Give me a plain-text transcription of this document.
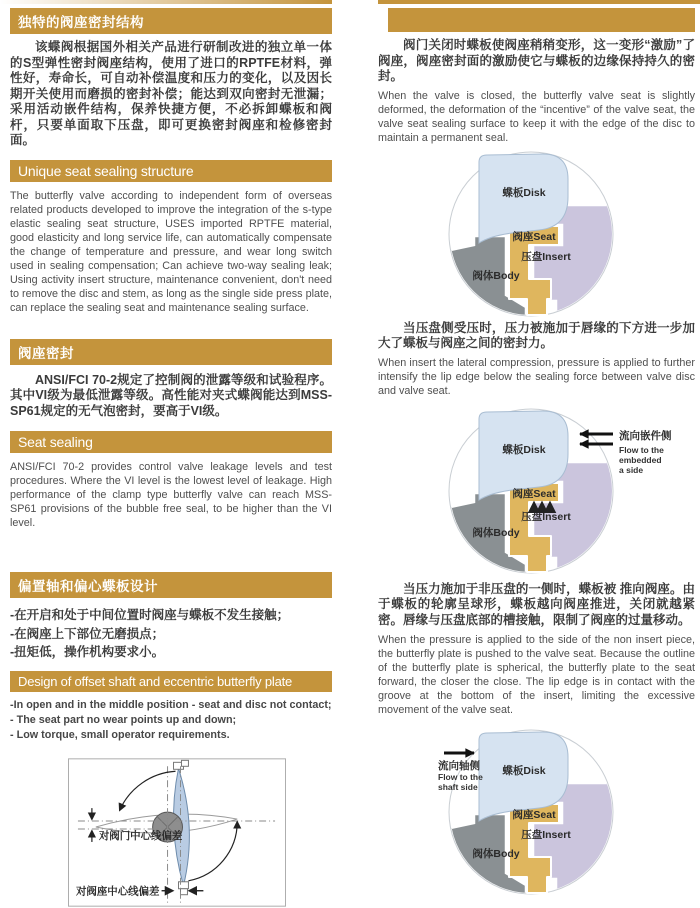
独特的阀座密封结构

该蝶阀根据国外相关产品进行研制改进的独立单一体的S型弹性密封阀座结构，使用了进口的RPTFE材料，弹性好，寿命长，可自动补偿温度和压力的变化，以及因长期开关使用而磨损的密封补偿；能达到双向密封无泄漏；采用活动嵌件结构，保养快捷方便，不必拆卸蝶板和阀杆，只要单面取下压盘，即可更换密封阀座和检修密封面。

Unique seat sealing structure

The butterfly valve according to independent form of overseas related products developed to improve the integration of the s-type elastic sealing seat structure, USES imported RPTFE material, good elasticity and long service life, can automatically compensate the change of temperature and pressure, and wear long switch used in sealing compensation; Can achieve two-way sealing leak; Using activity insert structure, maintenance convenient, don't need to remove the disc and stem, as long as the single side press plate, can replace the sealing seat and maintenance sealing surface.

阀座密封

ANSI/FCI 70-2规定了控制阀的泄露等级和试验程序。其中VI级为最低泄露等级。高性能对夹式蝶阀能达到MSS-SP61规定的无气泡密封，要高于VI级。

Seat sealing

ANSI/FCI 70-2 provides control valve leakage levels and test procedures. Where the VI level is the lowest level of leakage. High performance of the clamp type butterfly valve can reach MSS-SP61 provisions of the bubble free seal, to be higher than the VI level.

偏置轴和偏心蝶板设计
-在开启和处于中间位置时阀座与蝶板不发生接触；
-在阀座上下部位无磨损点；
-扭矩低，操作机构要求小。
Design of offset shaft and eccentric butterfly plate
-In open and in the middle position - seat and disc not contact;
- The seat part no wear points up and down;
- Low torque, small operator requirements.
对阀门中心线偏差
对阀座中心线偏差

阀门关闭时蝶板使阀座稍稍变形，这一变形“激励”了阀座，阀座密封面的激励使它与蝶板的边缘保持持久的密封。

When the valve is closed, the butterfly valve seat is slightly deformed, the deformation of the “incentive” of the valve seat, the valve seat sealing surface to keep it with the edge of the disc to maintain a permanent seal.

蝶板Disk
阀座Seat
压盘Insert
阀体Body

当压盘侧受压时，压力被施加于唇缘的下方进一步加大了蝶板与阀座之间的密封力。

When insert the lateral compression, pressure is applied to further intensify the lip edge below the sealing force between valve disc and valve seat.

蝶板Disk
阀座Seat
压盘Insert
阀体Body
流向嵌件侧
Flow to the
embedded
a side

当压力施加于非压盘的一侧时，蝶板被 推向阀座。由于蝶板的轮廓呈球形，蝶板越向阀座推进，关闭就越紧密。唇缘与压盘底部的槽接触，限制了阀座的过量移动。

When the pressure is applied to the side of the non insert piece, the butterfly plate is pushed to the valve seat. Because the outline of the butterfly plate is spherical, the butterfly plate to the seat forward, the closer the close. The lip edge is in contact with the groove at the bottom of the insert, limiting the excessive movement of the valve seat.

蝶板Disk
阀座Seat
压盘Insert
阀体Body
流向轴侧
Flow to the
shaft side
